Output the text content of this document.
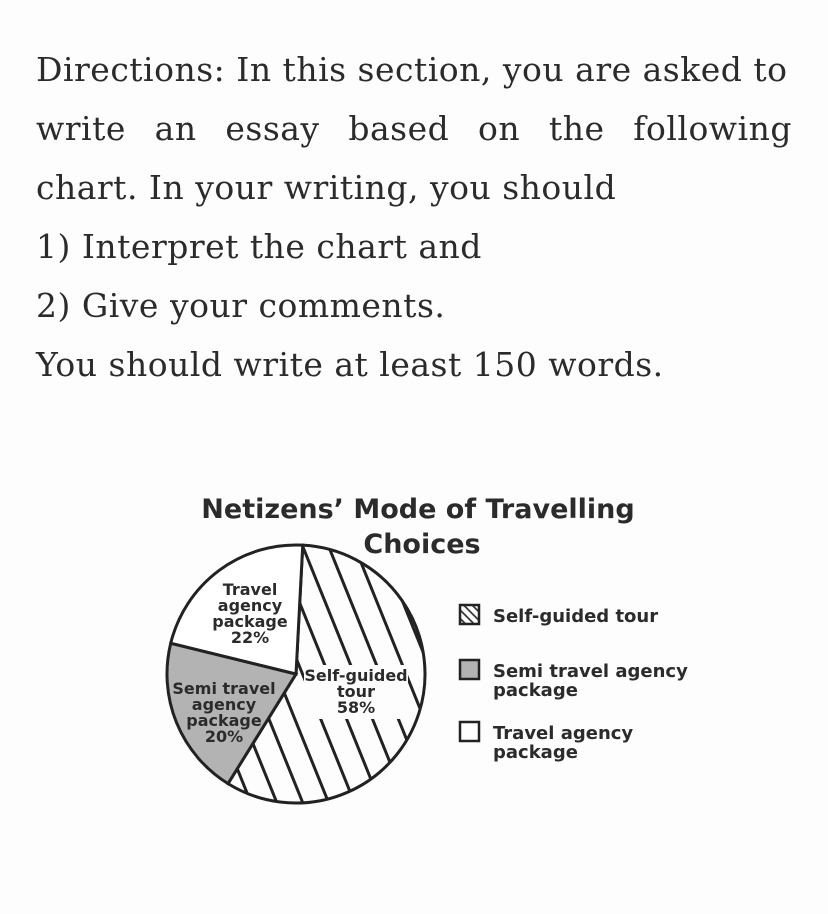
Directions: In this section, you are asked to
write an essay based on the following
chart. In your writing, you should
1) Interpret the chart and
2) Give your comments.
You should write at least 150 words.
Netizens’ Mode of Travelling
Choices
Self-guided
tour
58%
Semi travel
agency
package
20%
Travel
agency
package
22%
Self-guided tour
Semi travel agency
package
Travel agency
package
